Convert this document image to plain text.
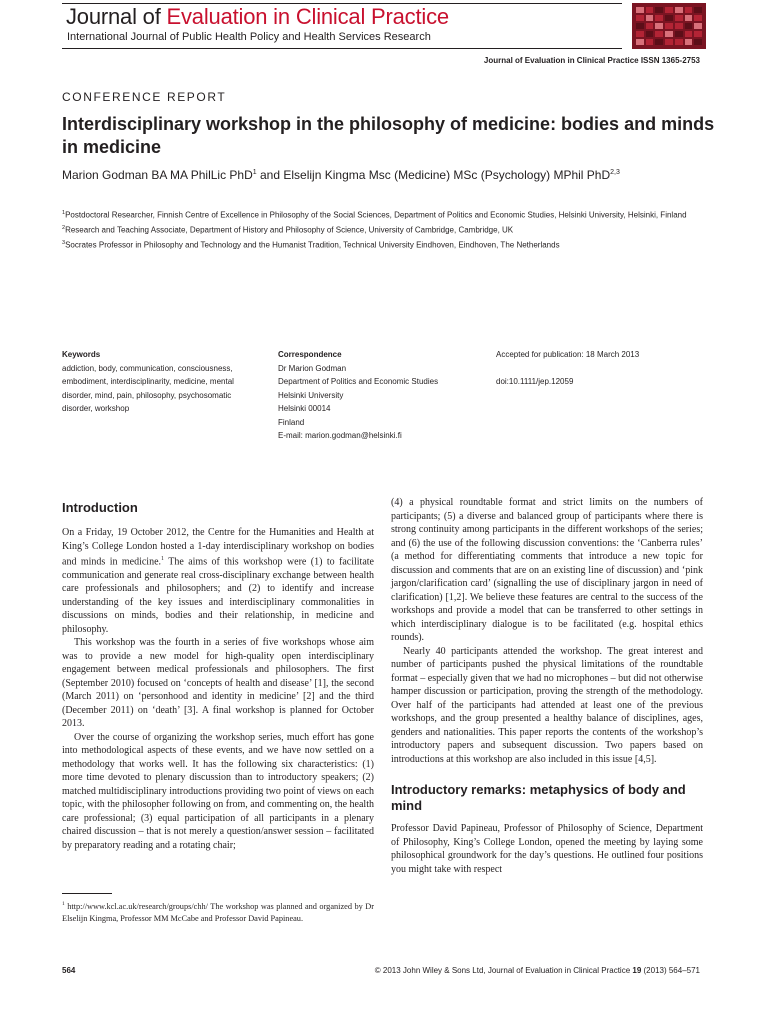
Journal of Evaluation in Clinical Practice
International Journal of Public Health Policy and Health Services Research
Journal of Evaluation in Clinical Practice ISSN 1365-2753
CONFERENCE REPORT
Interdisciplinary workshop in the philosophy of medicine: bodies and minds in medicine
Marion Godman BA MA PhilLic PhD$^1$ and Elselijn Kingma Msc (Medicine) MSc (Psychology) MPhil PhD$^{2,3}$

$^1$Postdoctoral Researcher, Finnish Centre of Excellence in Philosophy of the Social Sciences, Department of Politics and Economic Studies, Helsinki University, Helsinki, Finland

$^2$Research and Teaching Associate, Department of History and Philosophy of Science, University of Cambridge, Cambridge, UK

$^3$Socrates Professor in Philosophy and Technology and the Humanist Tradition, Technical University Eindhoven, Eindhoven, The Netherlands

Keywords
addiction, body, communication, consciousness, embodiment, interdisciplinarity, medicine, mental disorder, mind, pain, philosophy, psychosomatic disorder, workshop
Correspondence
Dr Marion Godman
Department of Politics and Economic Studies
Helsinki University
Helsinki 00014
Finland
E-mail: marion.godman@helsinki.fi
Accepted for publication: 18 March 2013
doi:10.1111/jep.12059
Introduction

On a Friday, 19 October 2012, the Centre for the Humanities and Health at King’s College London hosted a 1-day interdisciplinary workshop on bodies and minds in medicine.$^1$ The aims of this workshop were (1) to facilitate communication and generate real cross-disciplinary exchange between health care professionals and philosophers; and (2) to identify and increase understanding of the key issues and interdisciplinary commonalities in discussions on minds, bodies and their relationship, in medicine and philosophy.

This workshop was the fourth in a series of five workshops whose aim was to provide a new model for high-quality open interdisciplinary engagement between medical professionals and philosophers. The first (September 2010) focused on ‘concepts of health and disease’ [1], the second (March 2011) on ‘personhood and identity in medicine’ [2] and the third (December 2011) on ‘death’ [3]. A final workshop is planned for October 2013.

Over the course of organizing the workshop series, much effort has gone into methodological aspects of these events, and we have now settled on a methodology that works well. It has the following six characteristics: (1) more time devoted to plenary discussion than to introductory speakers; (2) matched multidisciplinary introductions providing two point of views on each topic, with the philosopher following on from, and commenting on, the health care professional; (3) equal participation of all participants in a plenary chaired discussion – that is not merely a question/answer session – facilitated by preparatory reading and a rotating chair;

$^1$ http://www.kcl.ac.uk/research/groups/chh/ The workshop was planned and organized by Dr Elselijn Kingma, Professor MM McCabe and Professor David Papineau.

(4) a physical roundtable format and strict limits on the numbers of participants; (5) a diverse and balanced group of participants where there is strong continuity among participants in the different workshops of the series; and (6) the use of the following discussion conventions: the ‘Canberra rules’ (a method for differentiating comments that introduce a new topic for discussion and comments that are on an existing line of discussion) and ‘pink jargon/clarification card’ (signalling the use of disciplinary jargon in need of clarification) [1,2]. We believe these features are central to the success of the workshops and provide a model that can be transferred to other settings in which interdisciplinary dialogue is to be facilitated (e.g. hospital ethics rounds).

Nearly 40 participants attended the workshop. The great interest and number of participants pushed the physical limitations of the roundtable format – especially given that we had no microphones – but did not otherwise hamper discussion or participation, proving the strength of the methodology. Over half of the participants had attended at least one of the previous workshops, and the group presented a healthy balance of disciplines, ages, genders and nationalities. This paper reports the contents of the workshop’s introductory papers and subsequent discussion. Two papers based on introductions at this workshop are also included in this issue [4,5].

Introductory remarks: metaphysics of body and mind

Professor David Papineau, Professor of Philosophy of Science, Department of Philosophy, King’s College London, opened the meeting by laying some philosophical groundwork for the day’s questions. He outlined four positions you might take with respect

564	© 2013 John Wiley & Sons Ltd, Journal of Evaluation in Clinical Practice 19 (2013) 564–571
